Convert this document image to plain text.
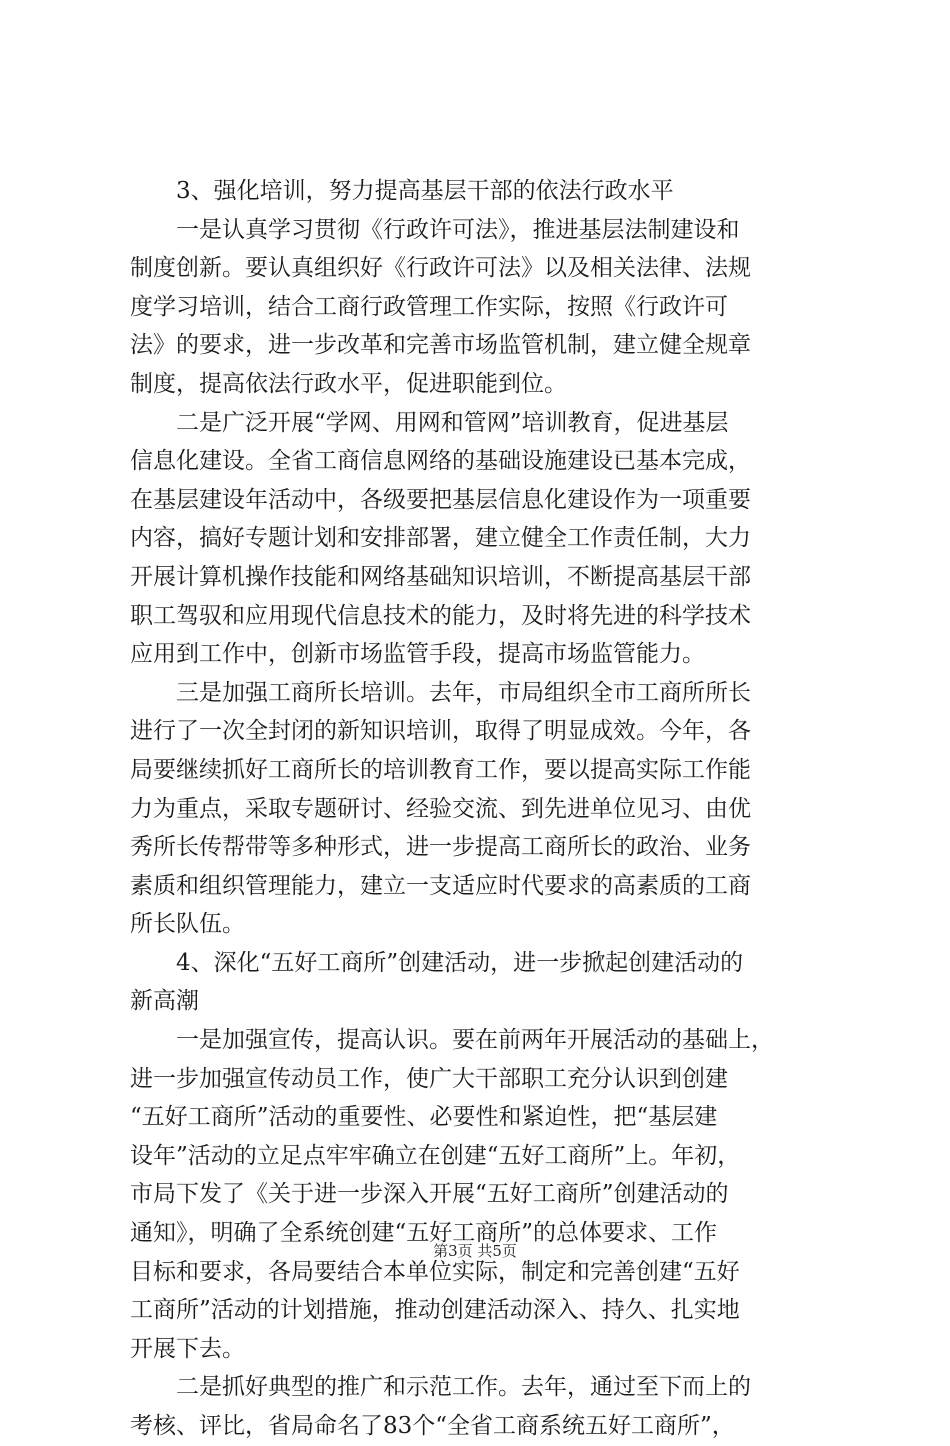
　　3、强化培训，努力提高基层干部的依法行政水平
　　一是认真学习贯彻《行政许可法》，推进基层法制建设和
制度创新。要认真组织好《行政许可法》以及相关法律、法规
度学习培训，结合工商行政管理工作实际，按照《行政许可
法》的要求，进一步改革和完善市场监管机制，建立健全规章
制度，提高依法行政水平，促进职能到位。
　　二是广泛开展“学网、用网和管网”培训教育，促进基层
信息化建设。全省工商信息网络的基础设施建设已基本完成，
在基层建设年活动中，各级要把基层信息化建设作为一项重要
内容，搞好专题计划和安排部署，建立健全工作责任制，大力
开展计算机操作技能和网络基础知识培训，不断提高基层干部
职工驾驭和应用现代信息技术的能力，及时将先进的科学技术
应用到工作中，创新市场监管手段，提高市场监管能力。
　　三是加强工商所长培训。去年，市局组织全市工商所所长
进行了一次全封闭的新知识培训，取得了明显成效。今年，各
局要继续抓好工商所长的培训教育工作，要以提高实际工作能
力为重点，采取专题研讨、经验交流、到先进单位见习、由优
秀所长传帮带等多种形式，进一步提高工商所长的政治、业务
素质和组织管理能力，建立一支适应时代要求的高素质的工商
所长队伍。
　　4、深化“五好工商所”创建活动，进一步掀起创建活动的
新高潮
　　一是加强宣传，提高认识。要在前两年开展活动的基础上，
进一步加强宣传动员工作，使广大干部职工充分认识到创建
“五好工商所”活动的重要性、必要性和紧迫性，把“基层建
设年”活动的立足点牢牢确立在创建“五好工商所”上。年初，
市局下发了《关于进一步深入开展“五好工商所”创建活动的
通知》，明确了全系统创建“五好工商所”的总体要求、工作
目标和要求，各局要结合本单位实际，制定和完善创建“五好
工商所”活动的计划措施，推动创建活动深入、持久、扎实地
开展下去。
　　二是抓好典型的推广和示范工作。去年，通过至下而上的
考核、评比，省局命名了83个“全省工商系统五好工商所”，
第3页 共5页
